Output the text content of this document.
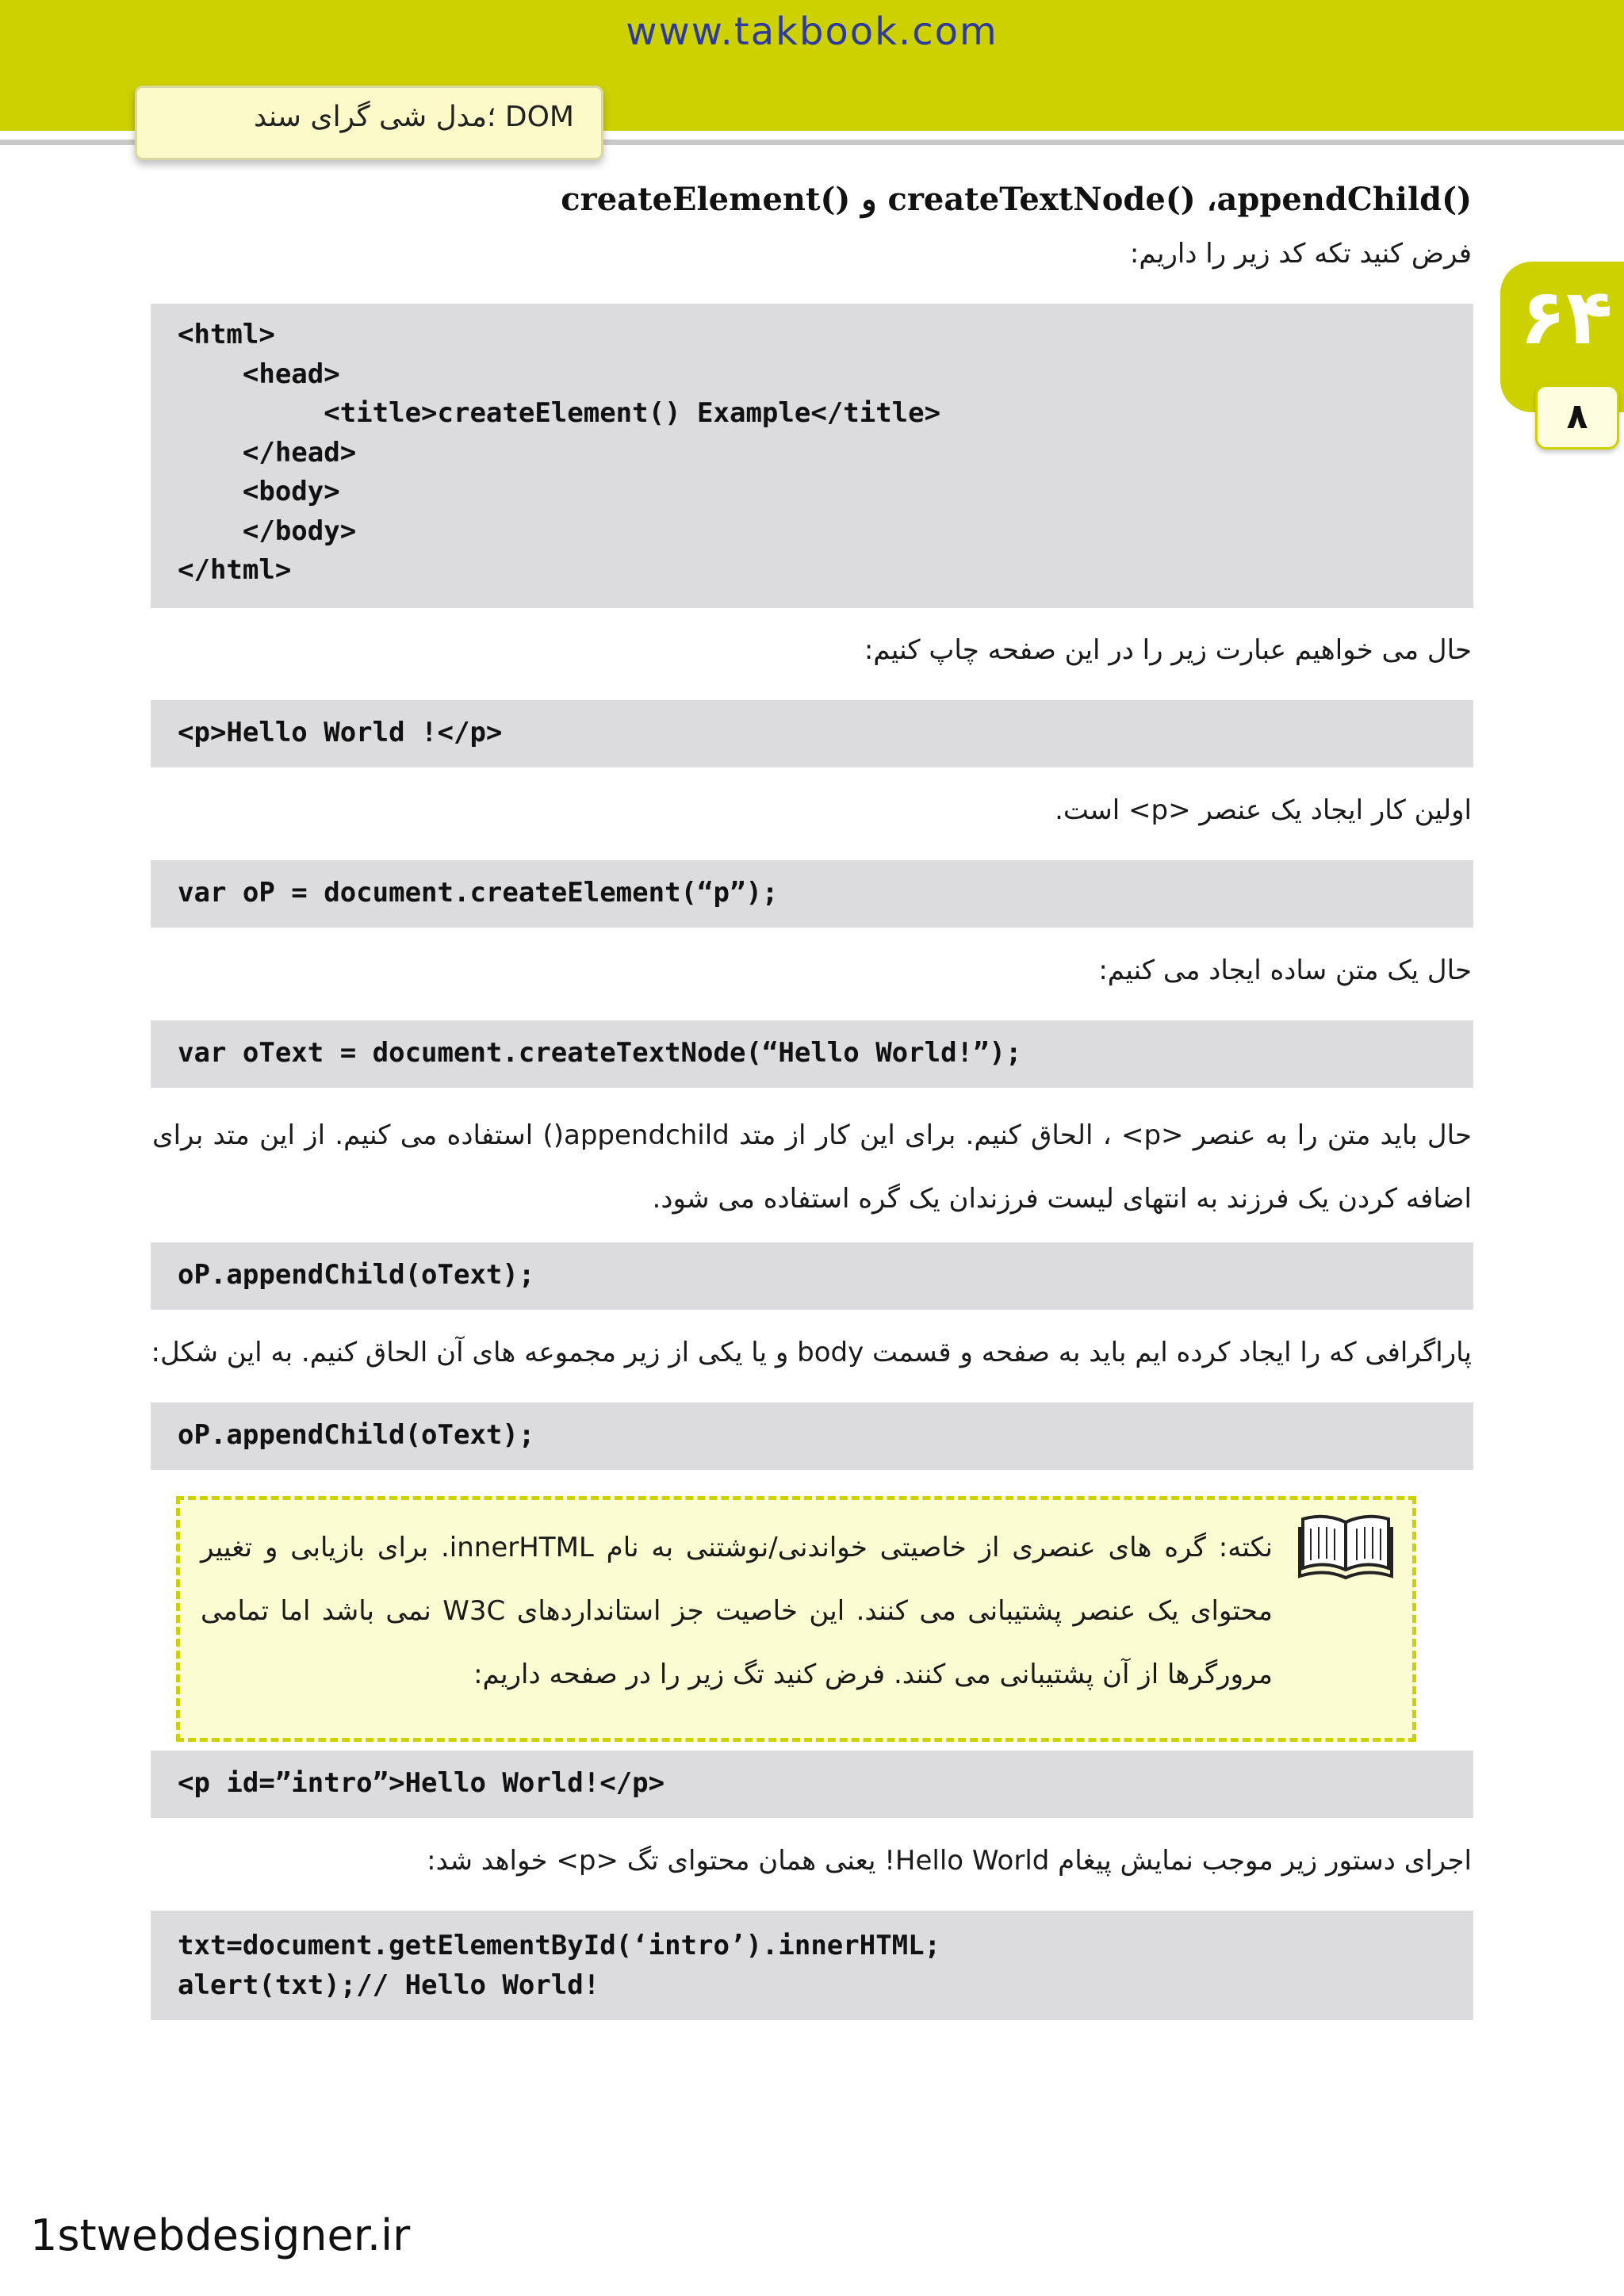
www.takbook.com
DOM ؛مدل شی گرای سند
۶۴
۸
createElement() و createTextNode() ،appendChild()
فرض کنید تکه کد زیر را داریم:
<html>
<head>
<title>createElement() Example</title>
</head>
<body>
</body>
</html>
حال می خواهیم عبارت زیر را در این صفحه چاپ کنیم:
<p>Hello World !</p>
اولین کار ایجاد یک عنصر <p> است.
var oP = document.createElement(“p”);
حال یک متن ساده ایجاد می کنیم:
var oText = document.createTextNode(“Hello World!”);
حال باید متن را به عنصر <p> ، الحاق کنیم. برای این کار از متد appendchild() استفاده می کنیم. از این متد برای اضافه کردن یک فرزند به انتهای لیست فرزندان یک گره استفاده می شود.
oP.appendChild(oText);
پاراگرافی که را ایجاد کرده ایم باید به صفحه و قسمت body و یا یکی از زیر مجموعه های آن الحاق کنیم. به این شکل:
oP.appendChild(oText);
نکته: گره های عنصری از خاصیتی خواندنی/نوشتنی به نام innerHTML. برای بازیابی و تغییر محتوای یک عنصر پشتیبانی می کنند. این خاصیت جز استانداردهای W3C نمی باشد اما تمامی مرورگرها از آن پشتیبانی می کنند. فرض کنید تگ زیر را در صفحه داریم:
<p id=”intro”>Hello World!</p>
اجرای دستور زیر موجب نمایش پیغام Hello World! یعنی همان محتوای تگ <p> خواهد شد:
txt=document.getElementById(‘intro’).innerHTML;
alert(txt);// Hello World!
1stwebdesigner.ir
